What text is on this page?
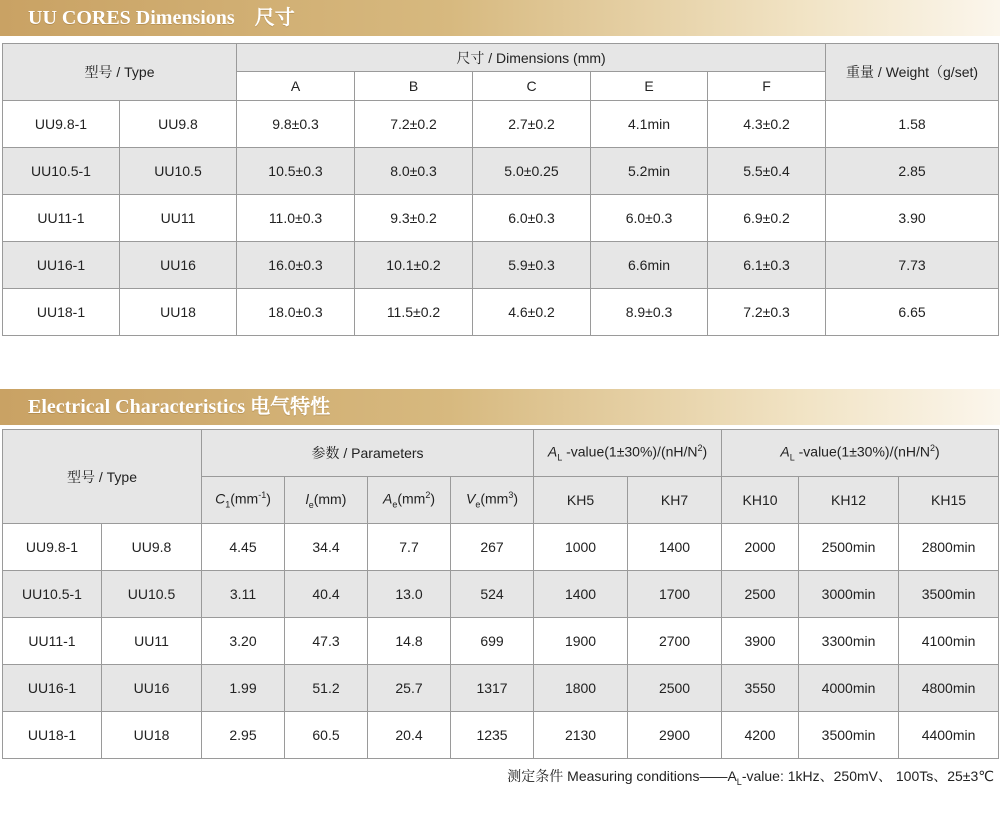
UU CORES Dimensions　尺寸
型号 / Type		尺寸 / Dimensions (mm)					重量 / Weight（g/set)
		A	B	C	E	F	
UU9.8-1	UU9.8	9.8±0.3	7.2±0.2	2.7±0.2	4.1min	4.3±0.2	1.58
UU10.5-1	UU10.5	10.5±0.3	8.0±0.3	5.0±0.25	5.2min	5.5±0.4	2.85
UU11-1	UU11	11.0±0.3	9.3±0.2	6.0±0.3	6.0±0.3	6.9±0.2	3.90
UU16-1	UU16	16.0±0.3	10.1±0.2	5.9±0.3	6.6min	6.1±0.3	7.73
UU18-1	UU18	18.0±0.3	11.5±0.2	4.6±0.2	8.9±0.3	7.2±0.3	6.65
Electrical Characteristics 电气特性
型号 / Type		参数 / Parameters				$A_L$ $-value(1\pm 30\%)/(nH/N^2)$		$A_L$ $-value(1\pm 30\%)/(nH/N^2)$		
		$C_1(mm^{-1})$	$l_e(mm)$	$A_e(mm^2)$	$V_e(mm^3)$	KH5	KH7	KH10	KH12	KH15
UU9.8-1	UU9.8	4.45	34.4	7.7	267	1000	1400	2000	2500min	2800min
UU10.5-1	UU10.5	3.11	40.4	13.0	524	1400	1700	2500	3000min	3500min
UU11-1	UU11	3.20	47.3	14.8	699	1900	2700	3900	3300min	4100min
UU16-1	UU16	1.99	51.2	25.7	1317	1800	2500	3550	4000min	4800min
UU18-1	UU18	2.95	60.5	20.4	1235	2130	2900	4200	3500min	4400min
测定条件 Measuring $conditions——A_L$-value: 1kHz、250mV、 100Ts、25±3℃
